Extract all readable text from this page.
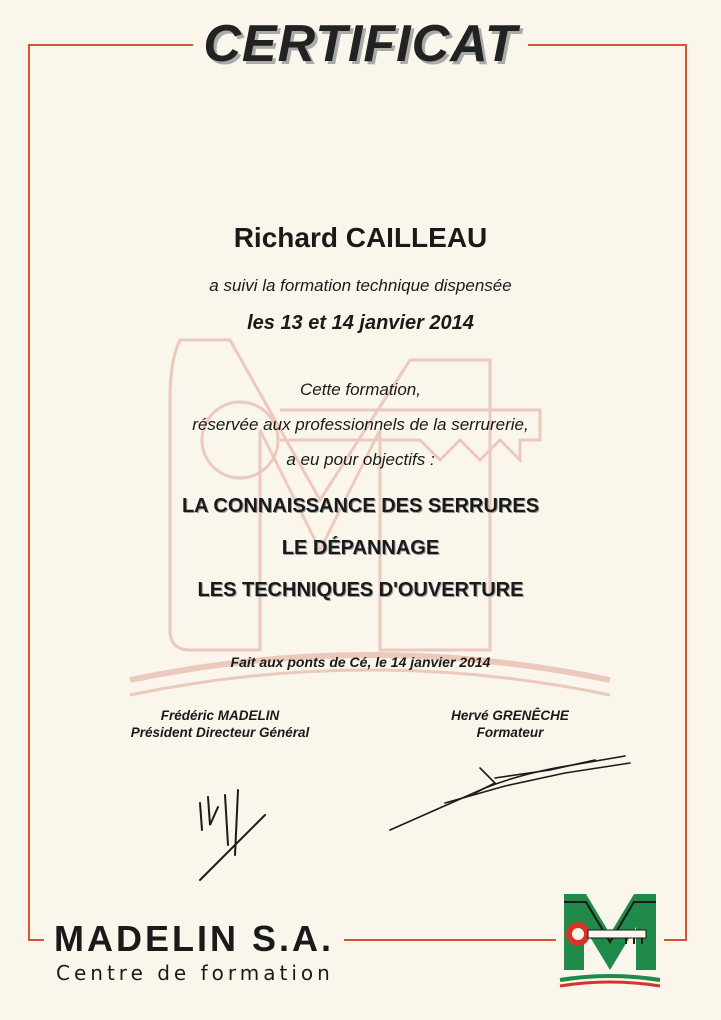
CERTIFICAT
Richard CAILLEAU
a suivi la formation technique dispensée
les 13 et 14 janvier 2014
Cette formation,
réservée aux professionnels de la serrurerie,
a eu pour objectifs :
LA CONNAISSANCE DES SERRURES
LE DÉPANNAGE
LES TECHNIQUES D'OUVERTURE
Fait aux ponts de Cé, le 14 janvier 2014
Frédéric MADELIN
Président Directeur Général
Hervé GRENÊCHE
Formateur
MADELIN S.A.
Centre de formation
